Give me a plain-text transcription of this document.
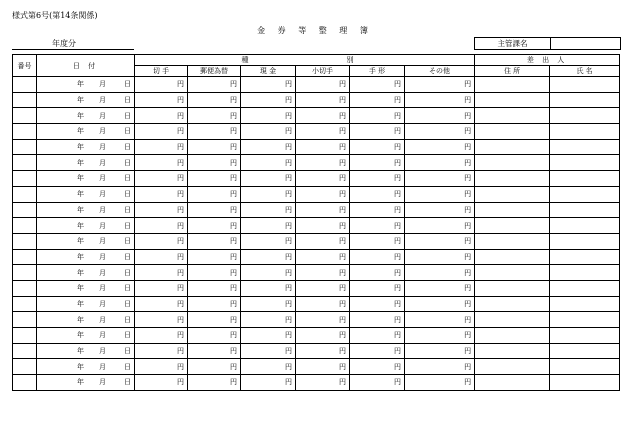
様式第6号(第14条関係)
金 券 等 整 理 簿
年度分	主管課名
番号	日 付	種　　　　別						差 出 人	
		切 手	郵便為替	現 金	小切手	手 形	その他	住 所	氏 名

	年 月 日	円	円	円	円	円	円		

	年 月 日	円	円	円	円	円	円		

	年 月 日	円	円	円	円	円	円		

	年 月 日	円	円	円	円	円	円		

	年 月 日	円	円	円	円	円	円		

	年 月 日	円	円	円	円	円	円		

	年 月 日	円	円	円	円	円	円		

	年 月 日	円	円	円	円	円	円		

	年 月 日	円	円	円	円	円	円		

	年 月 日	円	円	円	円	円	円		

	年 月 日	円	円	円	円	円	円		

	年 月 日	円	円	円	円	円	円		

	年 月 日	円	円	円	円	円	円		

	年 月 日	円	円	円	円	円	円		

	年 月 日	円	円	円	円	円	円		

	年 月 日	円	円	円	円	円	円		

	年 月 日	円	円	円	円	円	円		

	年 月 日	円	円	円	円	円	円		

	年 月 日	円	円	円	円	円	円		

	年 月 日	円	円	円	円	円	円		
